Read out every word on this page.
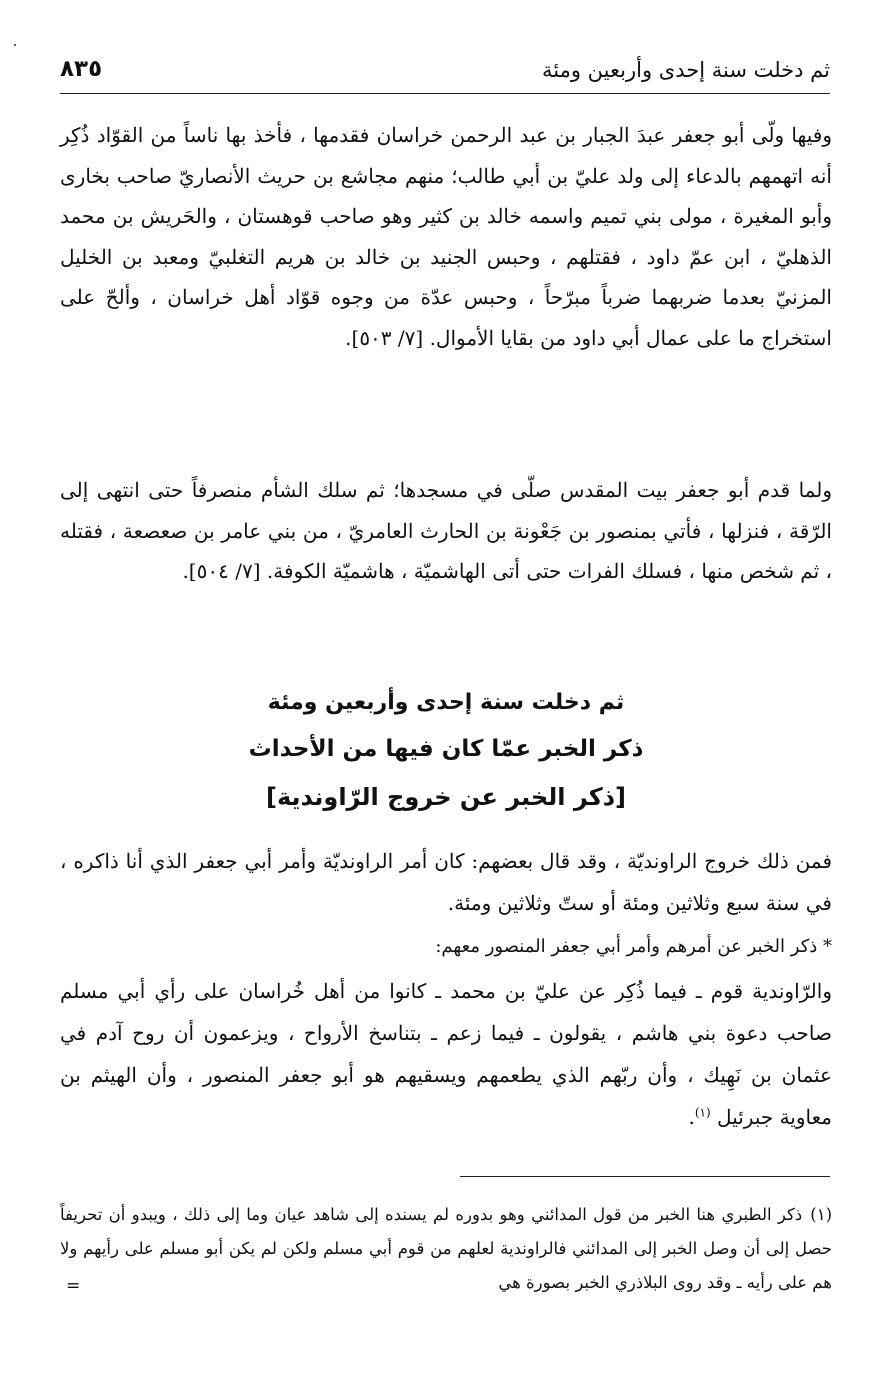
ثم دخلت سنة إحدى وأربعين ومئة
٨٣٥

وفيها ولّى أبو جعفر عبدَ الجبار بن عبد الرحمن خراسان فقدمها ، فأخذ بها ناساً من القوّاد ذُكِر أنه اتهمهم بالدعاء إلى ولد عليّ بن أبي طالب؛ منهم مجاشع بن حريث الأنصاريّ صاحب بخارى وأبو المغيرة ، مولى بني تميم واسمه خالد بن كثير وهو صاحب قوهستان ، والحَريش بن محمد الذهليّ ، ابن عمّ داود ، فقتلهم ، وحبس الجنيد بن خالد بن هريم التغلبيّ ومعبد بن الخليل المزنيّ بعدما ضربهما ضرباً مبرّحاً ، وحبس عدّة من وجوه قوّاد أهل خراسان ، وألحّ على استخراج ما على عمال أبي داود من بقايا الأموال. [٧/ ٥٠٣].

ولما قدم أبو جعفر بيت المقدس صلّى في مسجدها؛ ثم سلك الشأم منصرفاً حتى انتهى إلى الرّقة ، فنزلها ، فأتي بمنصور بن جَعْونة بن الحارث العامريّ ، من بني عامر بن صعصعة ، فقتله ، ثم شخص منها ، فسلك الفرات حتى أتى الهاشميّة ، هاشميّة الكوفة. [٧/ ٥٠٤].

ثم دخلت سنة إحدى وأربعين ومئة
ذكر الخبر عمّا كان فيها من الأحداث
[ذكر الخبر عن خروج الرّاوندية]

فمن ذلك خروج الراونديّة ، وقد قال بعضهم: كان أمر الراونديّة وأمر أبي جعفر الذي أنا ذاكره ، في سنة سبع وثلاثين ومئة أو ستّ وثلاثين ومئة.

* ذكر الخبر عن أمرهم وأمر أبي جعفر المنصور معهم:

والرّاوندية قوم ـ فيما ذُكِر عن عليّ بن محمد ـ كانوا من أهل خُراسان على رأي أبي مسلم صاحب دعوة بني هاشم ، يقولون ـ فيما زعم ـ بتناسخ الأرواح ، ويزعمون أن روح آدم في عثمان بن نَهِيك ، وأن ربّهم الذي يطعمهم ويسقيهم هو أبو جعفر المنصور ، وأن الهيثم بن معاوية جبرئيل $^{(١)}$.

(١)ذكر الطبري هنا الخبر من قول المدائني وهو بدوره لم يسنده إلى شاهد عيان وما إلى ذلك ، ويبدو أن تحريفاً حصل إلى أن وصل الخبر إلى المدائني فالراوندية لعلهم من قوم أبي مسلم ولكن لم يكن أبو مسلم على رأيهم ولا هم على رأيه ـ وقد روى البلاذري الخبر بصورة هي

=
